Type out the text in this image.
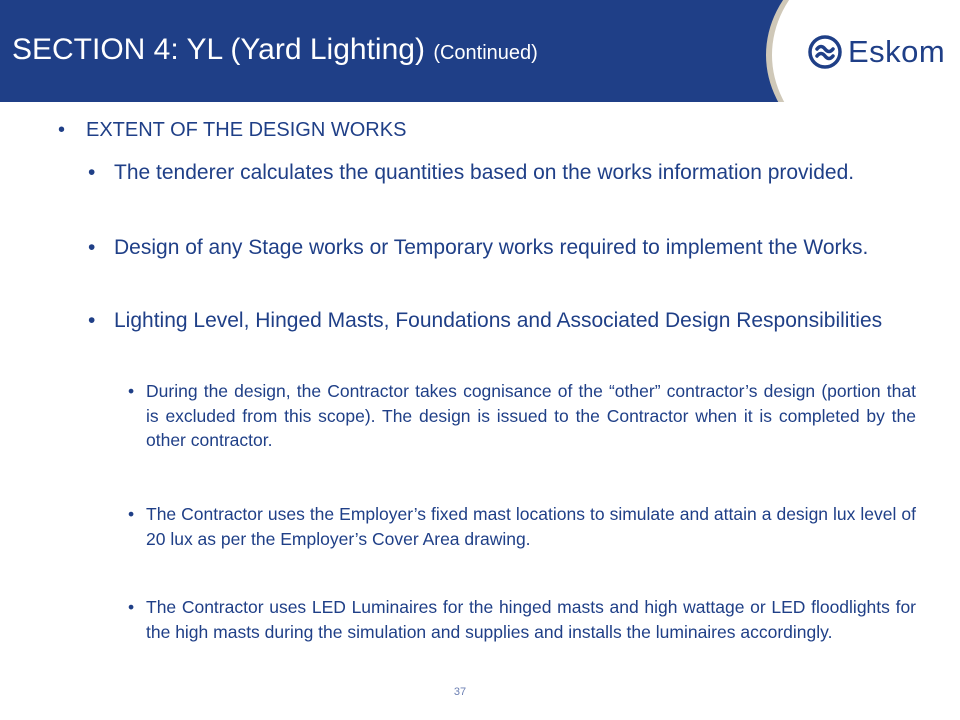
SECTION 4: YL (Yard Lighting) (Continued)	Eskom
• EXTENT OF THE DESIGN WORKS
• The tenderer calculates the quantities based on the works information provided.
• Design of any Stage works or Temporary works required to implement the Works.
• Lighting Level, Hinged Masts, Foundations and Associated Design Responsibilities
• During the design, the Contractor takes cognisance of the “other” contractor’s design (portion that is excluded from this scope). The design is issued to the Contractor when it is completed by the other contractor.
• The Contractor uses the Employer’s fixed mast locations to simulate and attain a design lux level of 20 lux as per the Employer’s Cover Area drawing.
• The Contractor uses LED Luminaires for the hinged masts and high wattage or LED floodlights for the high masts during the simulation and supplies and installs the luminaires accordingly.
37
